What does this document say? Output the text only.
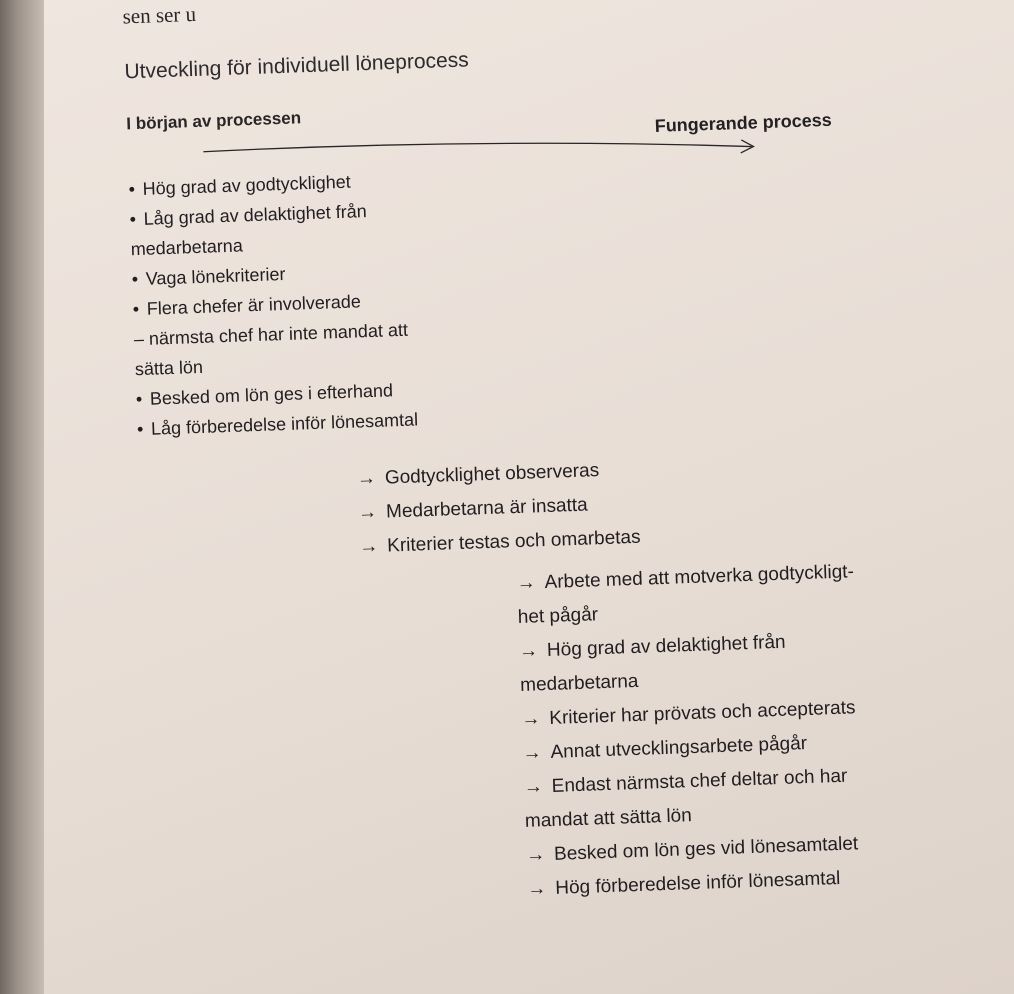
sen ser u
Utveckling för individuell löneprocess
I början av processen	Fungerande process
• Hög grad av godtycklighet
• Låg grad av delaktighet från
medarbetarna
• Vaga lönekriterier
• Flera chefer är involverade
– närmsta chef har inte mandat att
sätta lön
• Besked om lön ges i efterhand
• Låg förberedelse inför lönesamtal
→ Godtycklighet observeras
→ Medarbetarna är insatta
→ Kriterier testas och omarbetas
→ Arbete med att motverka godtyckligt-
het pågår
→ Hög grad av delaktighet från
medarbetarna
→ Kriterier har prövats och accepterats
→ Annat utvecklingsarbete pågår
→ Endast närmsta chef deltar och har
mandat att sätta lön
→ Besked om lön ges vid lönesamtalet
→ Hög förberedelse inför lönesamtal
